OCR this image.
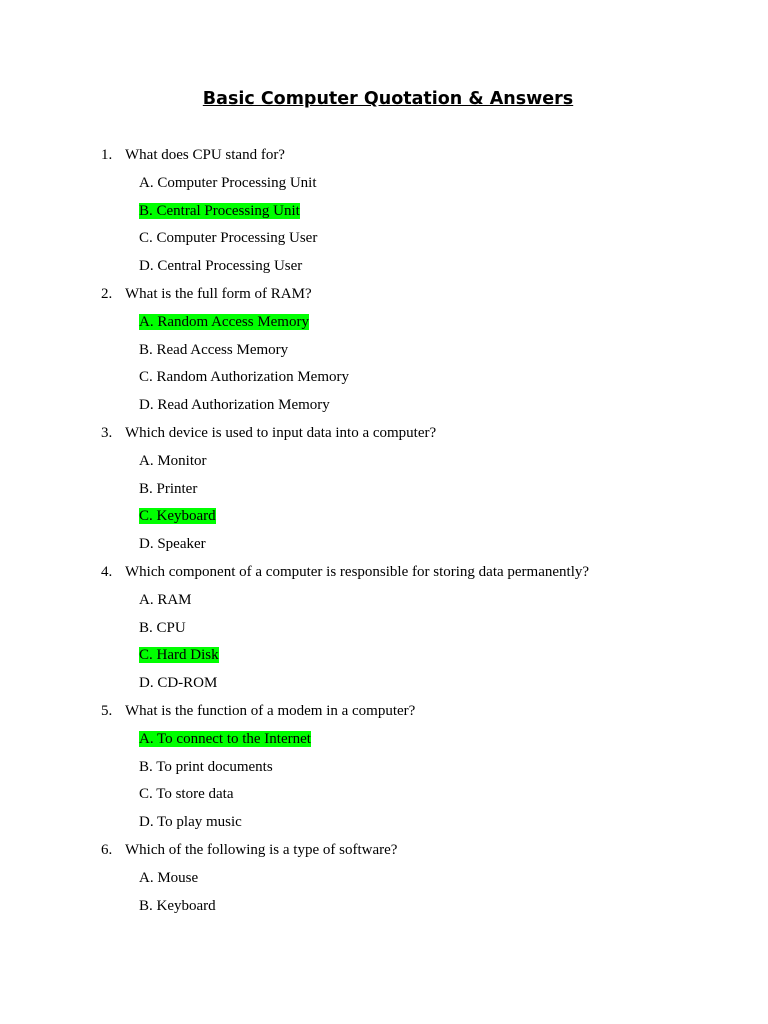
Basic Computer Quotation & Answers
1. What does CPU stand for?
A. Computer Processing Unit
B. Central Processing Unit
C. Computer Processing User
D. Central Processing User
2. What is the full form of RAM?
A. Random Access Memory
B. Read Access Memory
C. Random Authorization Memory
D. Read Authorization Memory
3. Which device is used to input data into a computer?
A. Monitor
B. Printer
C. Keyboard
D. Speaker
4. Which component of a computer is responsible for storing data permanently?
A. RAM
B. CPU
C. Hard Disk
D. CD-ROM
5. What is the function of a modem in a computer?
A. To connect to the Internet
B. To print documents
C. To store data
D. To play music
6. Which of the following is a type of software?
A. Mouse
B. Keyboard
